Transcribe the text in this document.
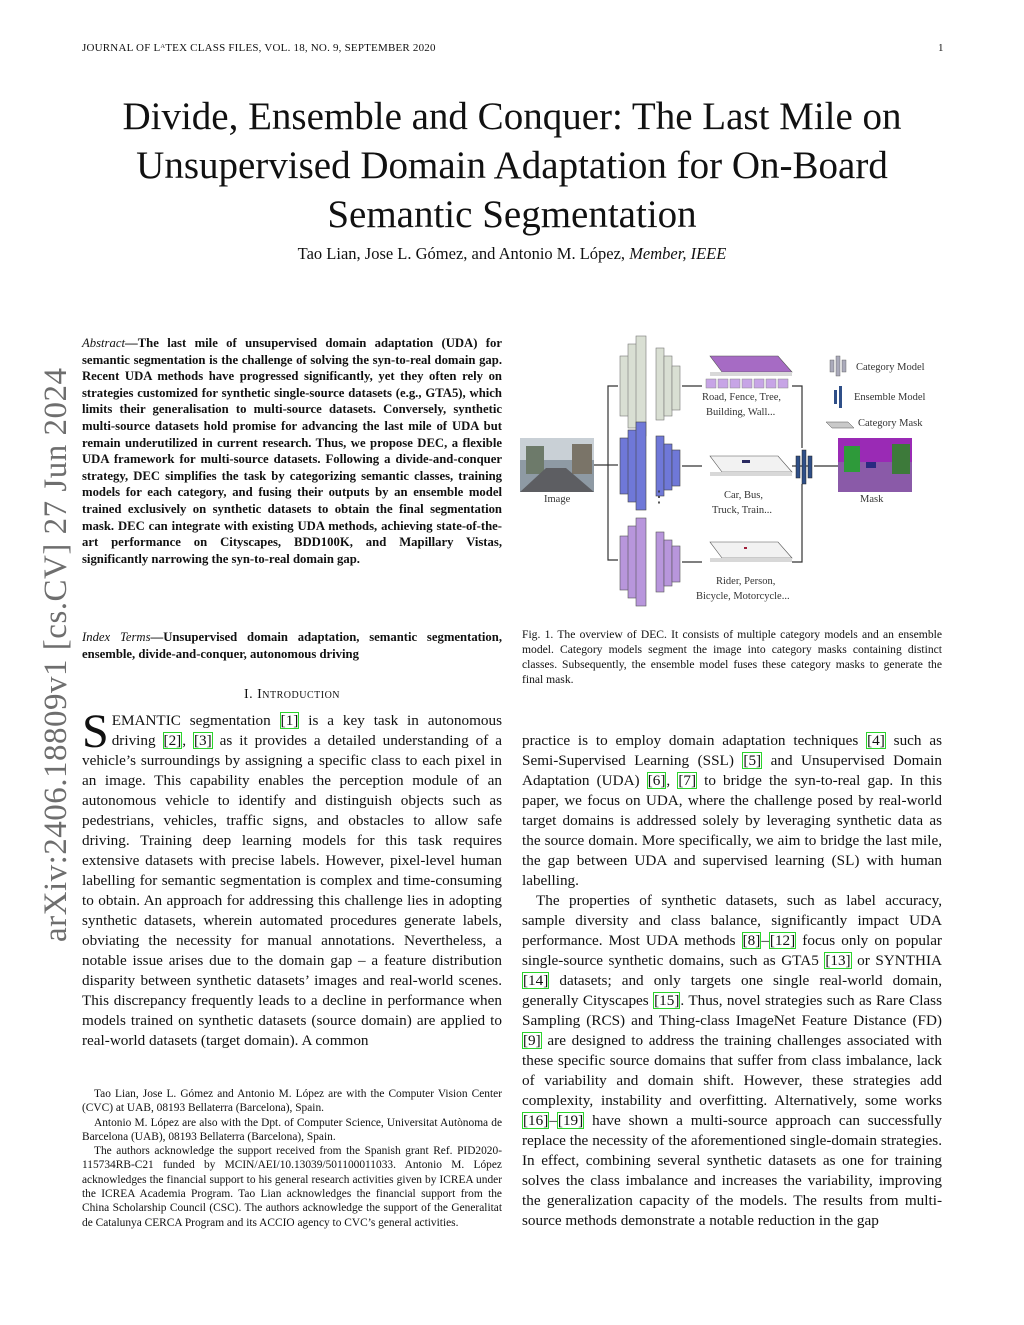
JOURNAL OF LᴬTEX CLASS FILES, VOL. 18, NO. 9, SEPTEMBER 2020	1
Divide, Ensemble and Conquer: The Last Mile on Unsupervised Domain Adaptation for On-Board Semantic Segmentation
Tao Lian, Jose L. Gómez, and Antonio M. López, Member, IEEE
arXiv:2406.18809v1 [cs.CV] 27 Jun 2024
Abstract—The last mile of unsupervised domain adaptation (UDA) for semantic segmentation is the challenge of solving the syn-to-real domain gap. Recent UDA methods have progressed significantly, yet they often rely on strategies customized for synthetic single-source datasets (e.g., GTA5), which limits their generalisation to multi-source datasets. Conversely, synthetic multi-source datasets hold promise for advancing the last mile of UDA but remain underutilized in current research. Thus, we propose DEC, a flexible UDA framework for multi-source datasets. Following a divide-and-conquer strategy, DEC simplifies the task by categorizing semantic classes, training models for each category, and fusing their outputs by an ensemble model trained exclusively on synthetic datasets to obtain the final segmentation mask. DEC can integrate with existing UDA methods, achieving state-of-the-art performance on Cityscapes, BDD100K, and Mapillary Vistas, significantly narrowing the syn-to-real domain gap.
Index Terms—Unsupervised domain adaptation, semantic segmentation, ensemble, divide-and-conquer, autonomous driving
I. Introduction
SEMANTIC segmentation [1] is a key task in autonomous driving [2], [3] as it provides a detailed understanding of a vehicle’s surroundings by assigning a specific class to each pixel in an image. This capability enables the perception module of an autonomous vehicle to identify and distinguish objects such as pedestrians, vehicles, traffic signs, and obstacles to allow safe driving. Training deep learning models for this task requires extensive datasets with precise labels. However, pixel-level human labelling for semantic segmentation is complex and time-consuming to obtain. An approach for addressing this challenge lies in adopting synthetic datasets, wherein automated procedures generate labels, obviating the necessity for manual annotations. Nevertheless, a notable issue arises due to the domain gap – a feature distribution disparity between synthetic datasets’ images and real-world scenes. This discrepancy frequently leads to a decline in performance when models trained on synthetic datasets (source domain) are applied to real-world datasets (target domain). A common

Tao Lian, Jose L. Gómez and Antonio M. López are with the Computer Vision Center (CVC) at UAB, 08193 Bellaterra (Barcelona), Spain.

Antonio M. López are also with the Dpt. of Computer Science, Universitat Autònoma de Barcelona (UAB), 08193 Bellaterra (Barcelona), Spain.

The authors acknowledge the support received from the Spanish grant Ref. PID2020-115734RB-C21 funded by MCIN/AEI/10.13039/501100011033. Antonio M. López acknowledges the financial support to his general research activities given by ICREA under the ICREA Academia Program. Tao Lian acknowledges the financial support from the China Scholarship Council (CSC). The authors acknowledge the support of the Generalitat de Catalunya CERCA Program and its ACCIO agency to CVC’s general activities.

Image	⋮
Road, Fence, Tree,
Building, Wall...
Car, Bus,
Truck, Train...
Rider, Person,
Bicycle, Motorcycle...
Mask
Category Model
Ensemble Model
Category Mask
Fig. 1. The overview of DEC. It consists of multiple category models and an ensemble model. Category models segment the image into category masks containing distinct classes. Subsequently, the ensemble model fuses these category masks to generate the final mask.

practice is to employ domain adaptation techniques [4] such as Semi-Supervised Learning (SSL) [5] and Unsupervised Domain Adaptation (UDA) [6], [7] to bridge the syn-to-real gap. In this paper, we focus on UDA, where the challenge posed by real-world target domains is addressed solely by leveraging synthetic data as the source domain. More specifically, we aim to bridge the last mile, the gap between UDA and supervised learning (SL) with human labelling.

The properties of synthetic datasets, such as label accuracy, sample diversity and class balance, significantly impact UDA performance. Most UDA methods [8]–[12] focus only on popular single-source synthetic domains, such as GTA5 [13] or SYNTHIA [14] datasets; and only targets one single real-world domain, generally Cityscapes [15]. Thus, novel strategies such as Rare Class Sampling (RCS) and Thing-class ImageNet Feature Distance (FD) [9] are designed to address the training challenges associated with these specific source domains that suffer from class imbalance, lack of variability and domain shift. However, these strategies add complexity, instability and overfitting. Alternatively, some works [16]–[19] have shown a multi-source approach can successfully replace the necessity of the aforementioned single-domain strategies. In effect, combining several synthetic datasets as one for training solves the class imbalance and increases the variability, improving the generalization capacity of the models. The results from multi-source methods demonstrate a notable reduction in the gap
